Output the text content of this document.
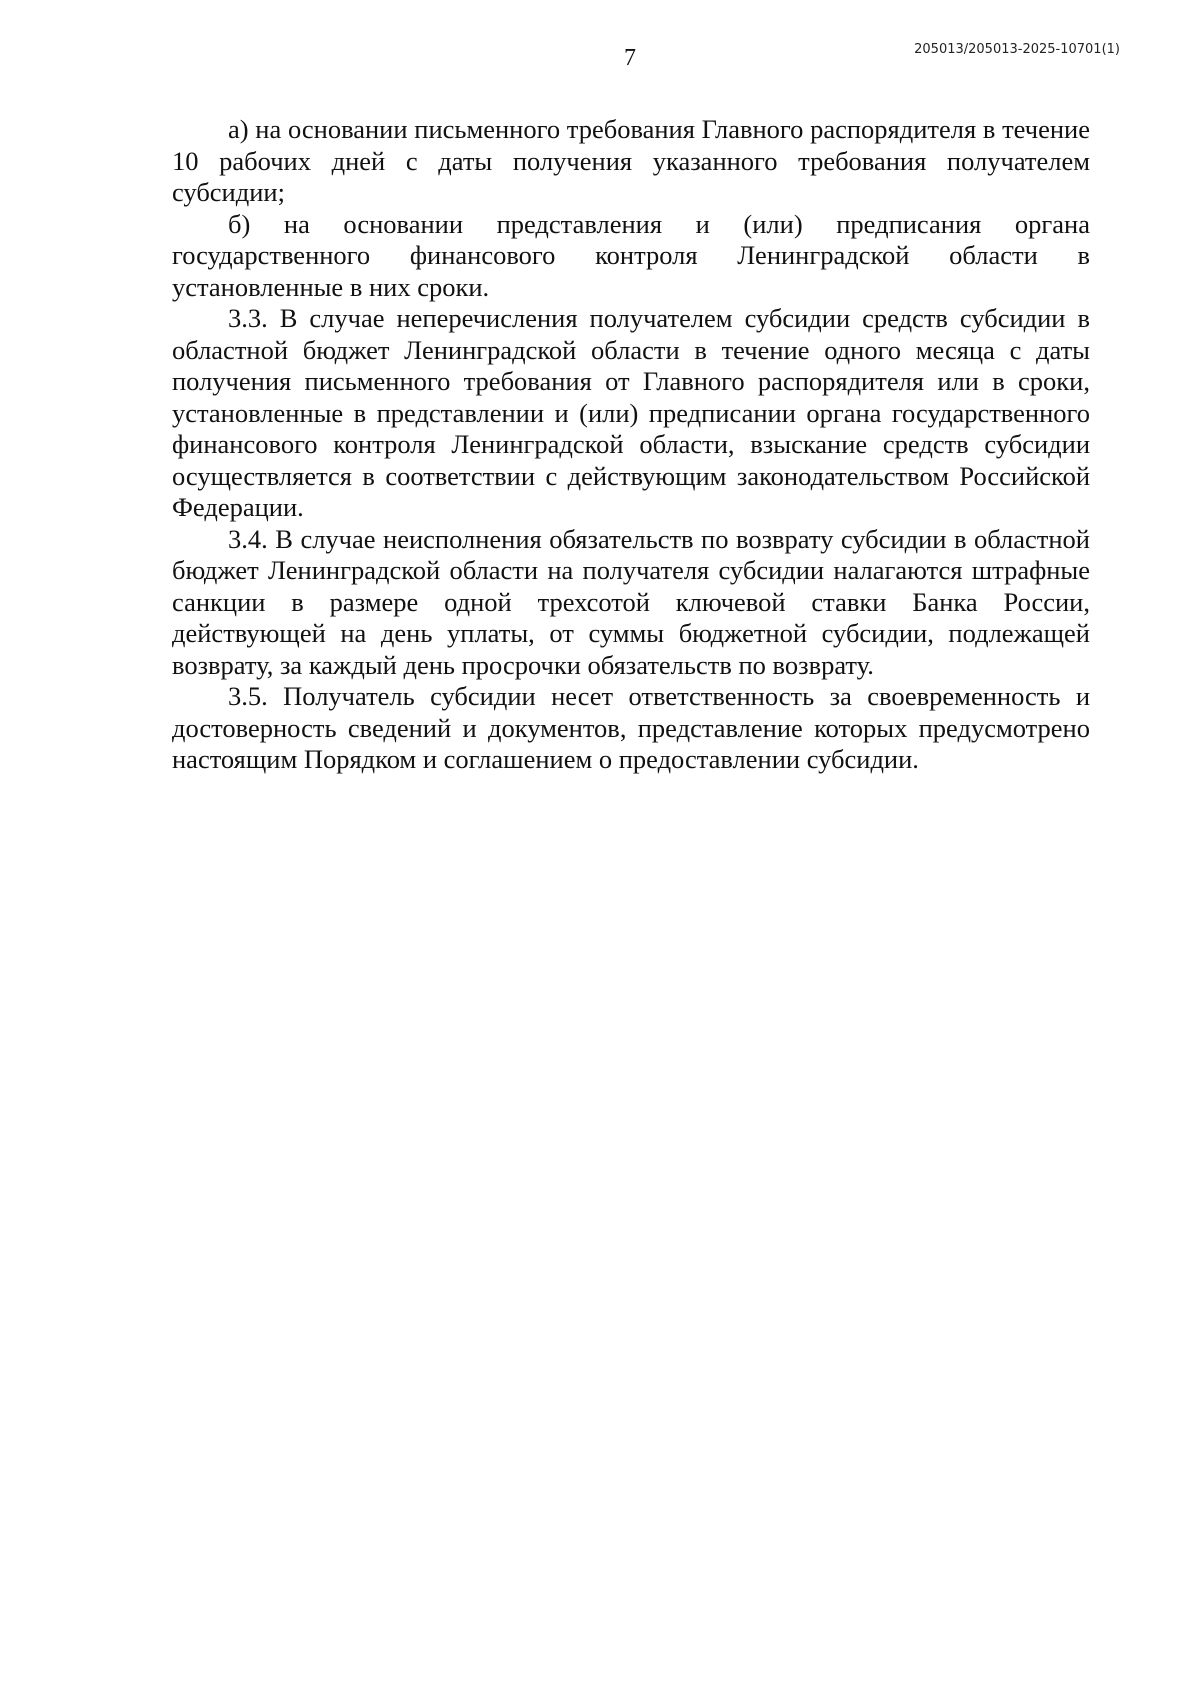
7	205013/205013-2025-10701(1)

а) на основании письменного требования Главного распорядителя в течение 10 рабочих дней с даты получения указанного требования получателем субсидии;

б) на основании представления и (или) предписания органа государственного финансового контроля Ленинградской области в установленные в них сроки.

3.3. В случае неперечисления получателем субсидии средств субсидии в областной бюджет Ленинградской области в течение одного месяца с даты получения письменного требования от Главного распорядителя или в сроки, установленные в представлении и (или) предписании органа государственного финансового контроля Ленинградской области, взыскание средств субсидии осуществляется в соответствии с действующим законодательством Российской Федерации.

3.4. В случае неисполнения обязательств по возврату субсидии в областной бюджет Ленинградской области на получателя субсидии налагаются штрафные санкции в размере одной трехсотой ключевой ставки Банка России, действующей на день уплаты, от суммы бюджетной субсидии, подлежащей возврату, за каждый день просрочки обязательств по возврату.

3.5. Получатель субсидии несет ответственность за своевременность и достоверность сведений и документов, представление которых предусмотрено настоящим Порядком и соглашением о предоставлении субсидии.
